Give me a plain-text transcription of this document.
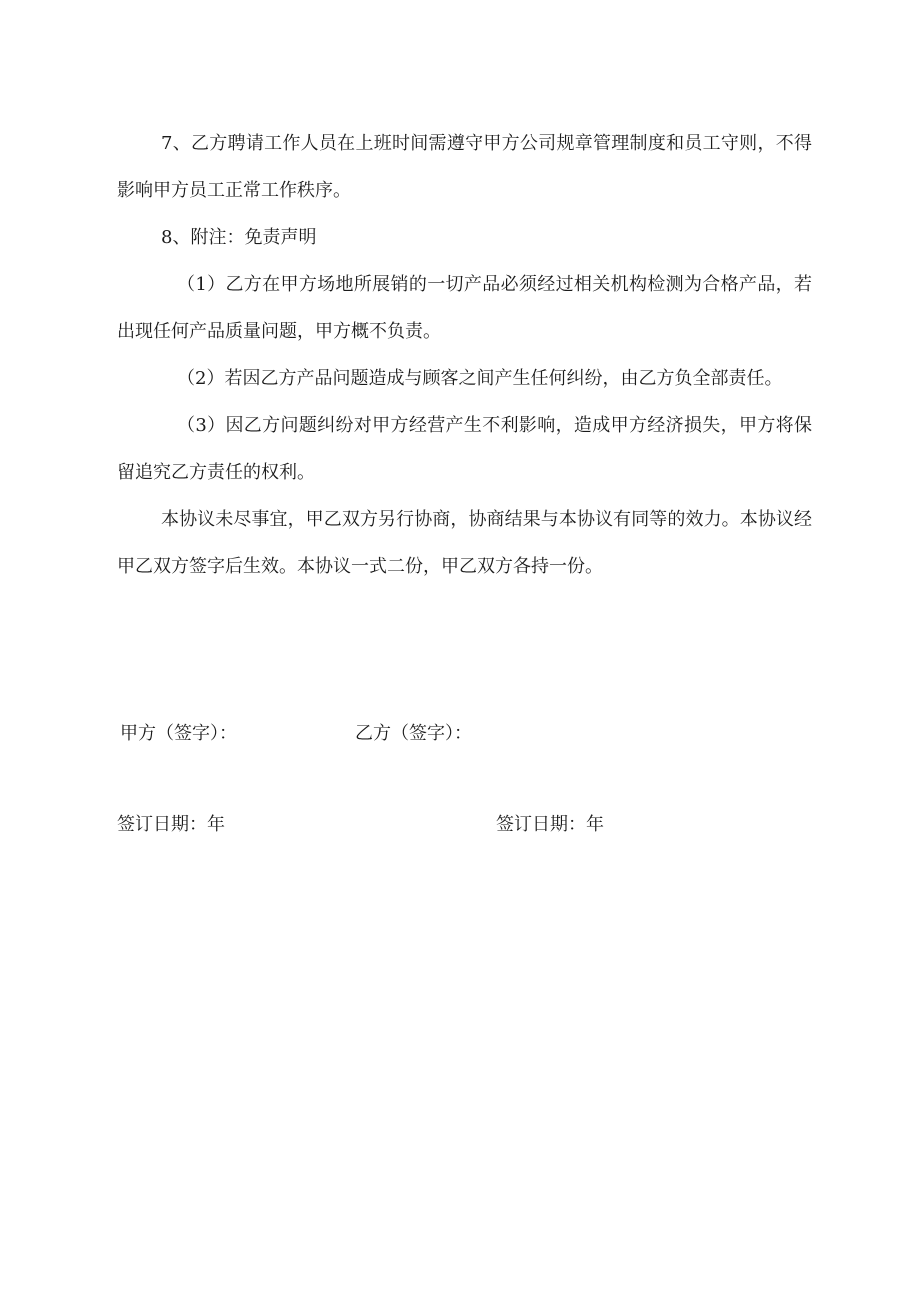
7、乙方聘请工作人员在上班时间需遵守甲方公司规章管理制度和员工守则，不得影响甲方员工正常工作秩序。

8、附注：免责声明

（1）乙方在甲方场地所展销的一切产品必须经过相关机构检测为合格产品，若出现任何产品质量问题，甲方概不负责。

（2）若因乙方产品问题造成与顾客之间产生任何纠纷，由乙方负全部责任。

（3）因乙方问题纠纷对甲方经营产生不利影响，造成甲方经济损失，甲方将保留追究乙方责任的权利。

本协议未尽事宜，甲乙双方另行协商，协商结果与本协议有同等的效力。本协议经甲乙双方签字后生效。本协议一式二份，甲乙双方各持一份。

甲方（签字）：	乙方（签字）：
签订日期：年	签订日期：年
